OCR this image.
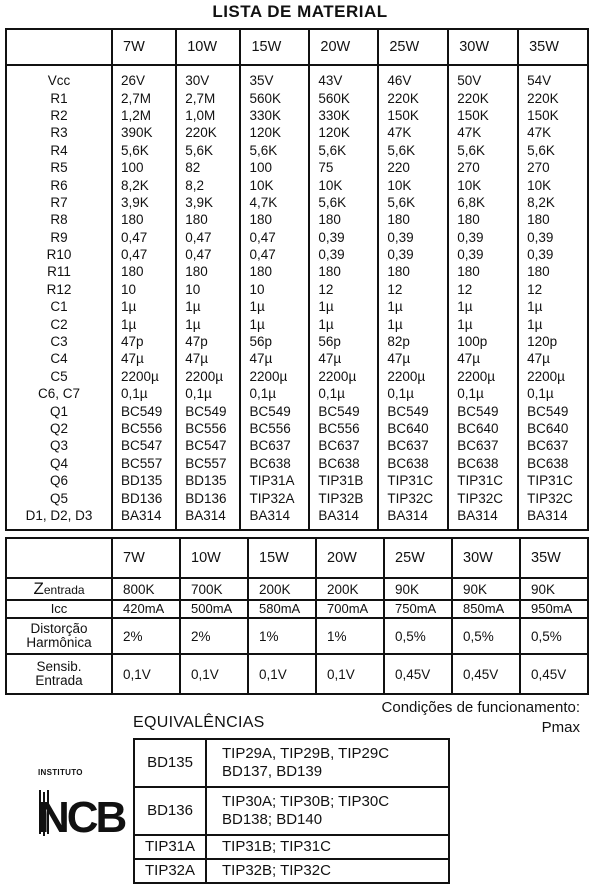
LISTA DE MATERIAL
	7W	10W	15W	20W	25W	30W	35W
Vcc	26V	30V	35V	43V	46V	50V	54V
R1	2,7M	2,7M	560K	560K	220K	220K	220K
R2	1,2M	1,0M	330K	330K	150K	150K	150K
R3	390K	220K	120K	120K	47K	47K	47K
R4	5,6K	5,6K	5,6K	5,6K	5,6K	5,6K	5,6K
R5	100	82	100	75	220	270	270
R6	8,2K	8,2	10K	10K	10K	10K	10K
R7	3,9K	3,9K	4,7K	5,6K	5,6K	6,8K	8,2K
R8	180	180	180	180	180	180	180
R9	0,47	0,47	0,47	0,39	0,39	0,39	0,39
R10	0,47	0,47	0,47	0,39	0,39	0,39	0,39
R11	180	180	180	180	180	180	180
R12	10	10	10	12	12	12	12
C1	1µ	1µ	1µ	1µ	1µ	1µ	1µ
C2	1µ	1µ	1µ	1µ	1µ	1µ	1µ
C3	47p	47p	56p	56p	82p	100p	120p
C4	47µ	47µ	47µ	47µ	47µ	47µ	47µ
C5	2200µ	2200µ	2200µ	2200µ	2200µ	2200µ	2200µ
C6, C7	0,1µ	0,1µ	0,1µ	0,1µ	0,1µ	0,1µ	0,1µ
Q1	BC549	BC549	BC549	BC549	BC549	BC549	BC549
Q2	BC556	BC556	BC556	BC556	BC640	BC640	BC640
Q3	BC547	BC547	BC637	BC637	BC637	BC637	BC637
Q4	BC557	BC557	BC638	BC638	BC638	BC638	BC638
Q6	BD135	BD135	TIP31A	TIP31B	TIP31C	TIP31C	TIP31C
Q5	BD136	BD136	TIP32A	TIP32B	TIP32C	TIP32C	TIP32C
D1, D2, D3	BA314	BA314	BA314	BA314	BA314	BA314	BA314
	7W	10W	15W	20W	25W	30W	35W
Zentrada	800K	700K	200K	200K	90K	90K	90K
Icc	420mA	500mA	580mA	700mA	750mA	850mA	950mA

Distorção
Harmônica	2%	2%	1%	1%	0,5%	0,5%	0,5%

Sensib.
Entrada	0,1V	0,1V	0,1V	0,1V	0,45V	0,45V	0,45V
Condições de funcionamento:
Pmax
EQUIVALÊNCIAS
BD135	TIP29A, TIP29B, TIP29C
BD137, BD139

BD136	TIP30A; TIP30B; TIP30C
BD138; BD140

TIP31A	TIP31B; TIP31C

TIP32A	TIP32B; TIP32C
INSTITUTO
NCB
